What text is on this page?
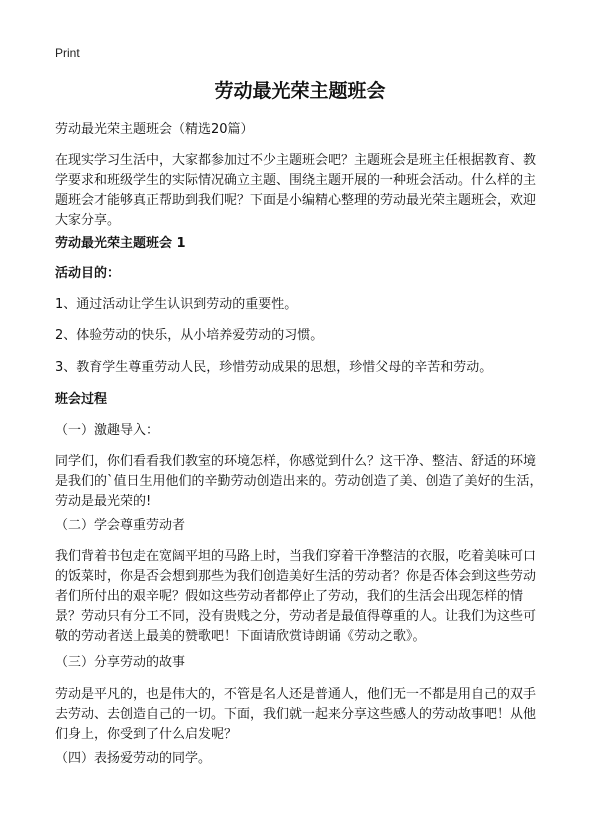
Print
劳动最光荣主题班会

劳动最光荣主题班会（精选20篇）

在现实学习生活中，大家都参加过不少主题班会吧？主题班会是班主任根据教育、教学要求和班级学生的实际情况确立主题、围绕主题开展的一种班会活动。什么样的主题班会才能够真正帮助到我们呢？下面是小编精心整理的劳动最光荣主题班会，欢迎大家分享。

劳动最光荣主题班会 1

活动目的：

1、通过活动让学生认识到劳动的重要性。

2、体验劳动的快乐，从小培养爱劳动的习惯。

3、教育学生尊重劳动人民，珍惜劳动成果的思想，珍惜父母的辛苦和劳动。

班会过程

（一）激趣导入：

同学们，你们看看我们教室的环境怎样，你感觉到什么？这干净、整洁、舒适的环境是我们的`值日生用他们的辛勤劳动创造出来的。劳动创造了美、创造了美好的生活，劳动是最光荣的!

（二）学会尊重劳动者

我们背着书包走在宽阔平坦的马路上时，当我们穿着干净整洁的衣服，吃着美味可口的饭菜时，你是否会想到那些为我们创造美好生活的劳动者？你是否体会到这些劳动者们所付出的艰辛呢？假如这些劳动者都停止了劳动，我们的生活会出现怎样的情景？劳动只有分工不同，没有贵贱之分，劳动者是最值得尊重的人。让我们为这些可敬的劳动者送上最美的赞歌吧！下面请欣赏诗朗诵《劳动之歌》。

（三）分享劳动的故事

劳动是平凡的，也是伟大的，不管是名人还是普通人，他们无一不都是用自己的双手去劳动、去创造自己的一切。下面，我们就一起来分享这些感人的劳动故事吧！从他们身上，你受到了什么启发呢？

（四）表扬爱劳动的同学。
